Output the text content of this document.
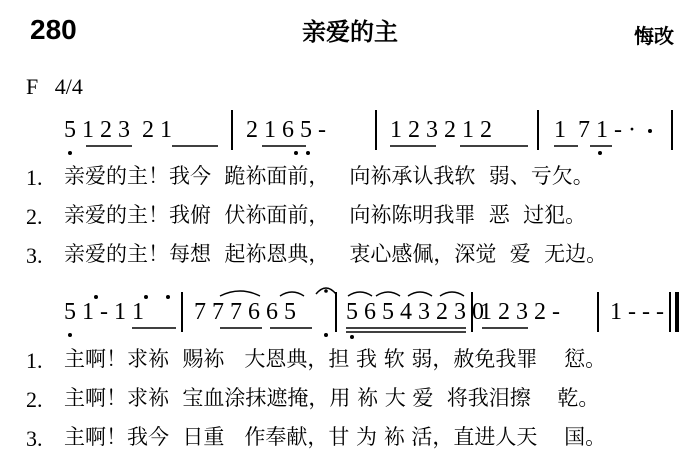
280	亲爱的主	悔改
F   4/4
5 1 2 3  2 1	2 1 6 5 -	1 2 3 2 1 2	1  7 1 - ·
1. 亲爱的主！我今  跪袮面前，   向袮承认我软  弱、亏欠。
2. 亲爱的主！我俯  伏袮面前，   向袮陈明我罪  恶  过犯。
3. 亲爱的主！每想  起袮恩典，   衷心感佩，深觉  爱  无边。
5 1 - 1 1 7 7 7 6 6 5 5 6 5 4 3 2 3 0
1 2 3 2 - 1 - - -
1. 主啊！求袮  赐袮   大恩典，担 我 软 弱，赦免我罪    愆。
2. 主啊！求袮  宝血涂抹遮掩，用 袮 大 爱  将我泪擦    乾。
3. 主啊！我今  日重   作奉献，甘 为 袮 活，直进人天    国。
